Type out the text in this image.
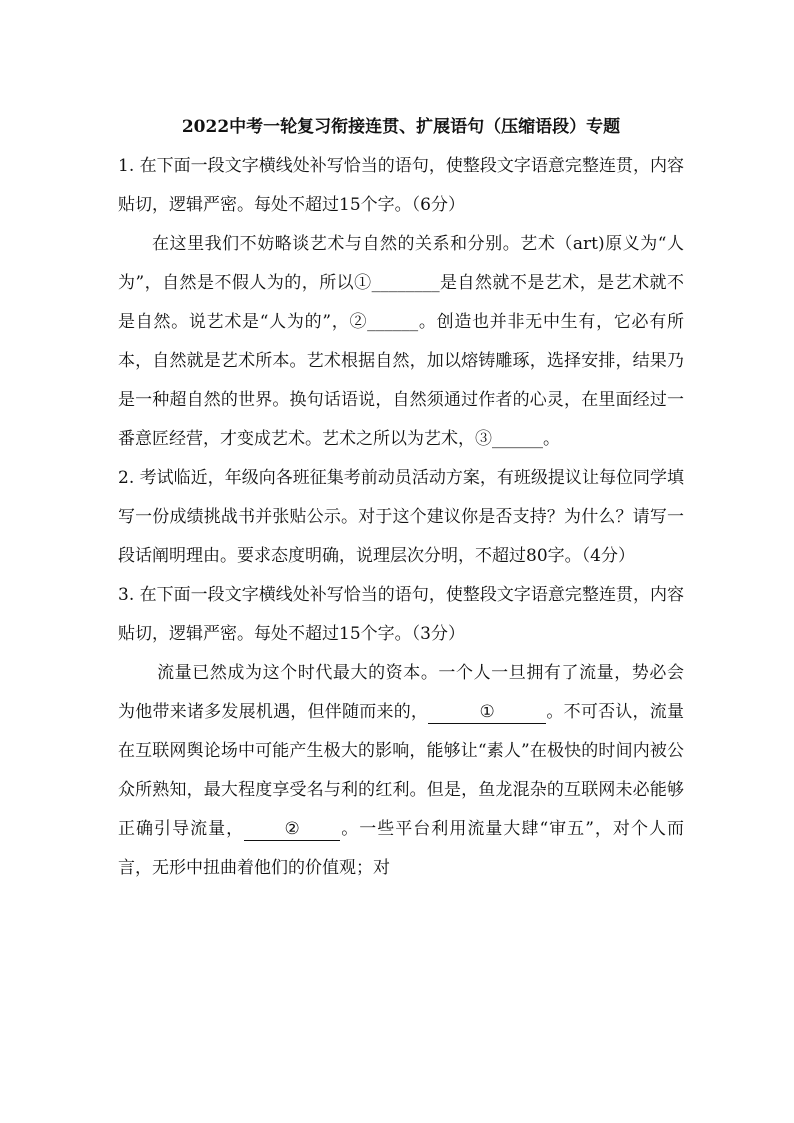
2022中考一轮复习衔接连贯、扩展语句（压缩语段）专题

1. 在下面一段文字横线处补写恰当的语句，使整段文字语意完整连贯，内容贴切，逻辑严密。每处不超过15个字。（6分）

在这里我们不妨略谈艺术与自然的关系和分别。艺术（art)原义为“人为”，自然是不假人为的，所以①________是自然就不是艺术，是艺术就不是自然。说艺术是“人为的”，②______。创造也并非无中生有，它必有所本，自然就是艺术所本。艺术根据自然，加以熔铸雕琢，选择安排，结果乃是一种超自然的世界。换句话语说，自然须通过作者的心灵，在里面经过一番意匠经营，才变成艺术。艺术之所以为艺术，③______。

2. 考试临近，年级向各班征集考前动员活动方案，有班级提议让每位同学填写一份成绩挑战书并张贴公示。对于这个建议你是否支持？为什么？请写一段话阐明理由。要求态度明确，说理层次分明，不超过80字。（4分）

3. 在下面一段文字横线处补写恰当的语句，使整段文字语意完整连贯，内容贴切，逻辑严密。每处不超过15个字。（3分）

流量已然成为这个时代最大的资本。一个人一旦拥有了流量，势必会为他带来诸多发展机遇，但伴随而来的，	①	。不可否认，流量在互联网舆论场中可能产生极大的影响，能够让“素人”在极快的时间内被公众所熟知，最大程度享受名与利的红利。但是，鱼龙混杂的互联网未必能够正确引导流量， ② 。一些平台利用流量大肆“审五”，对个人而言，无形中扭曲着他们的价值观；对
